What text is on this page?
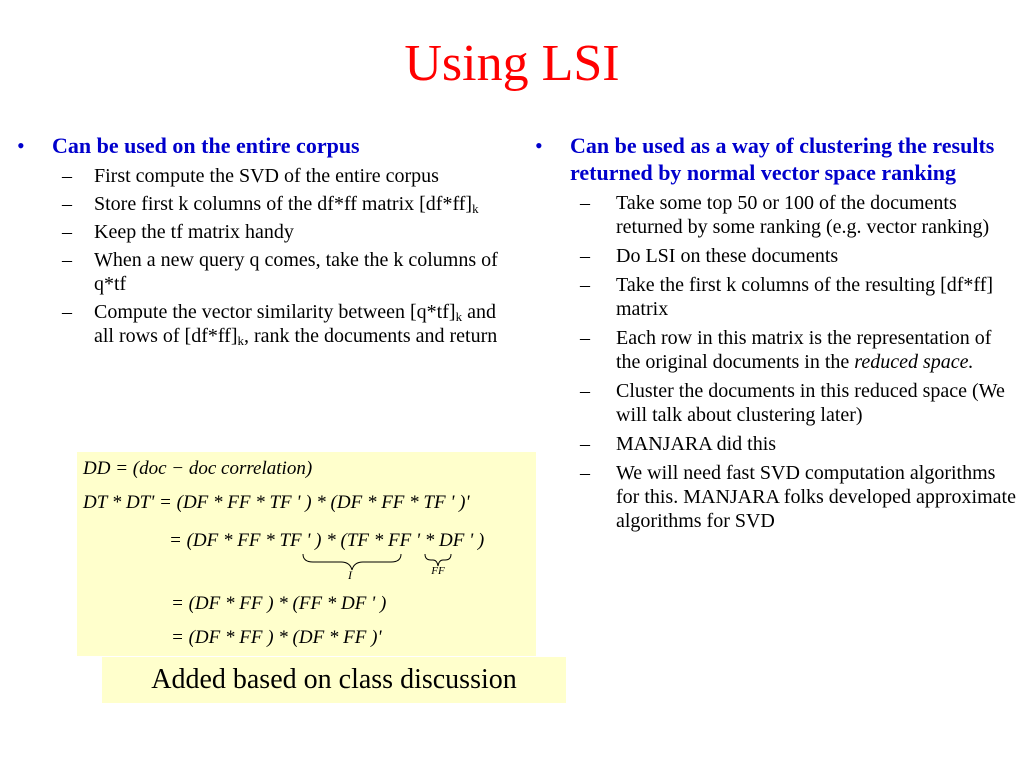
Using LSI
• Can be used on the entire corpus
– First compute the SVD of the entire corpus
– Store first k columns of the df*ff matrix $[df*ff]_k$
– Keep the tf matrix handy
– When a new query q comes, take the k columns of q*tf
– Compute the vector similarity between $[q*tf]_k$ and all rows of $[df*ff]_k$, rank the documents and return
• Can be used as a way of clustering the results returned by normal vector space ranking
– Take some top 50 or 100 of the documents returned by some ranking (e.g. vector ranking)
– Do LSI on these documents
– Take the first k columns of the resulting [df*ff] matrix
– Each row in this matrix is the representation of the original documents in the reduced space.
– Cluster the documents in this reduced space (We will talk about clustering later)
– MANJARA did this
– We will need fast SVD computation algorithms for this. MANJARA folks developed approximate algorithms for SVD
DD = (doc − doc correlation)
DT * DT' = (DF * FF * TF ' ) * (DF * FF * TF ' )'
= (DF * FF * TF ' ) * (TF * FF ' * DF ' )
I	FF
= (DF * FF ) * (FF * DF ' )
= (DF * FF ) * (DF * FF )'
Added based on class discussion
